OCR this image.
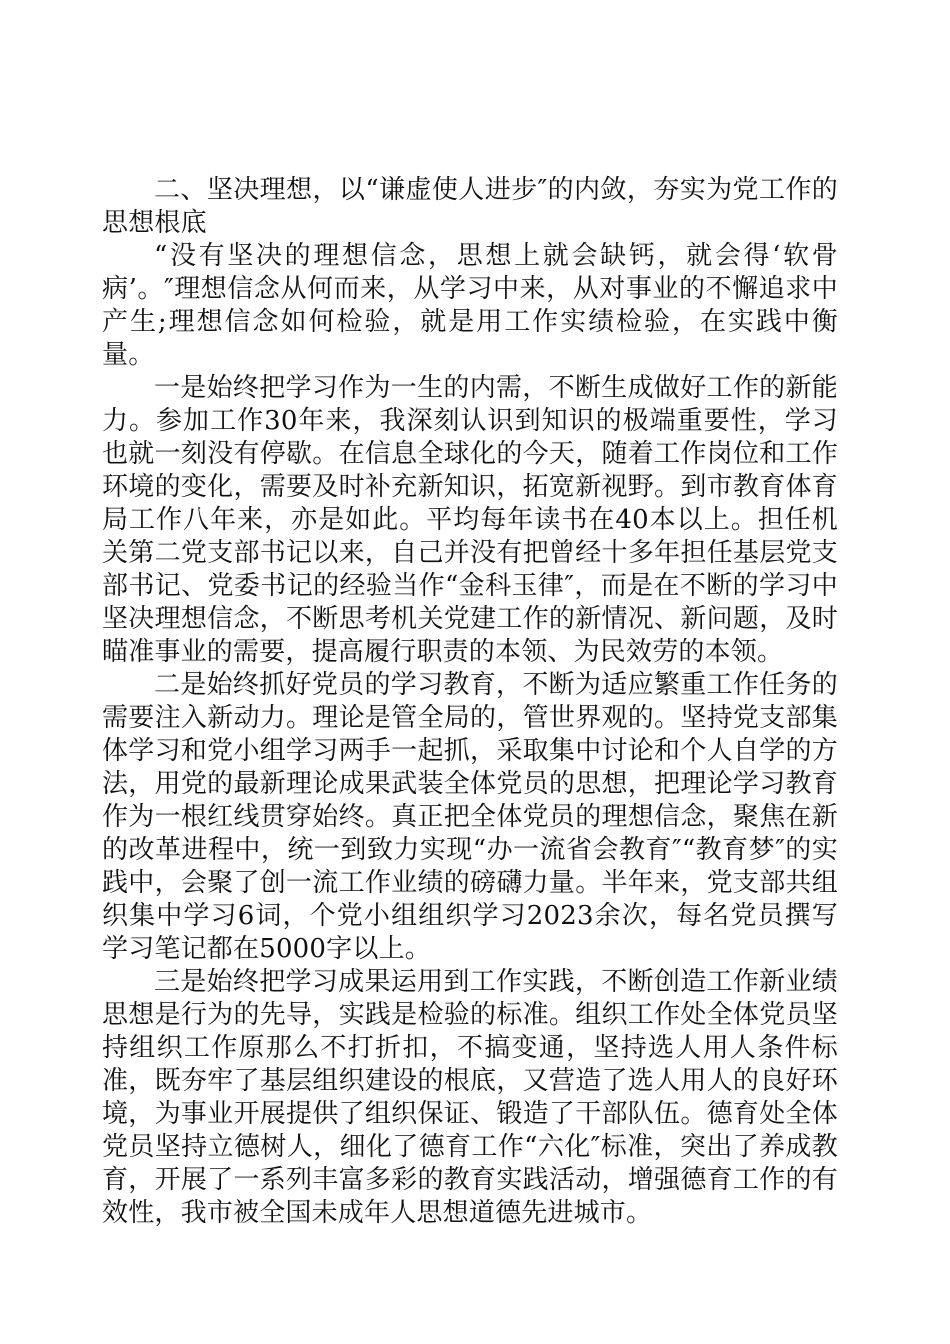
二、坚决理想，以“谦虚使人进步″的内敛，夯实为党工作的思想根底

“没有坚决的理想信念，思想上就会缺钙，就会得‘软骨病’。″理想信念从何而来，从学习中来，从对事业的不懈追求中产生;理想信念如何检验，就是用工作实绩检验，在实践中衡量。

一是始终把学习作为一生的内需，不断生成做好工作的新能力。参加工作30年来，我深刻认识到知识的极端重要性，学习也就一刻没有停歇。在信息全球化的今天，随着工作岗位和工作环境的变化，需要及时补充新知识，拓宽新视野。到市教育体育局工作八年来，亦是如此。平均每年读书在40本以上。担任机关第二党支部书记以来，自己并没有把曾经十多年担任基层党支部书记、党委书记的经验当作“金科玉律″，而是在不断的学习中坚决理想信念，不断思考机关党建工作的新情况、新问题，及时瞄准事业的需要，提高履行职责的本领、为民效劳的本领。

二是始终抓好党员的学习教育，不断为适应繁重工作任务的需要注入新动力。理论是管全局的，管世界观的。坚持党支部集体学习和党小组学习两手一起抓，采取集中讨论和个人自学的方法，用党的最新理论成果武装全体党员的思想，把理论学习教育作为一根红线贯穿始终。真正把全体党员的理想信念，聚焦在新的改革进程中，统一到致力实现“办一流省会教育″“教育梦″的实践中，会聚了创一流工作业绩的磅礴力量。半年来，党支部共组织集中学习6词，个党小组组织学习2023余次，每名党员撰写学习笔记都在5000字以上。

三是始终把学习成果运用到工作实践，不断创造工作新业绩思想是行为的先导，实践是检验的标准。组织工作处全体党员坚持组织工作原那么不打折扣，不搞变通，坚持选人用人条件标准，既夯牢了基层组织建设的根底，又营造了选人用人的良好环境，为事业开展提供了组织保证、锻造了干部队伍。德育处全体党员坚持立德树人，细化了德育工作“六化″标准，突出了养成教育，开展了一系列丰富多彩的教育实践活动，增强德育工作的有效性，我市被全国未成年人思想道德先进城市。
